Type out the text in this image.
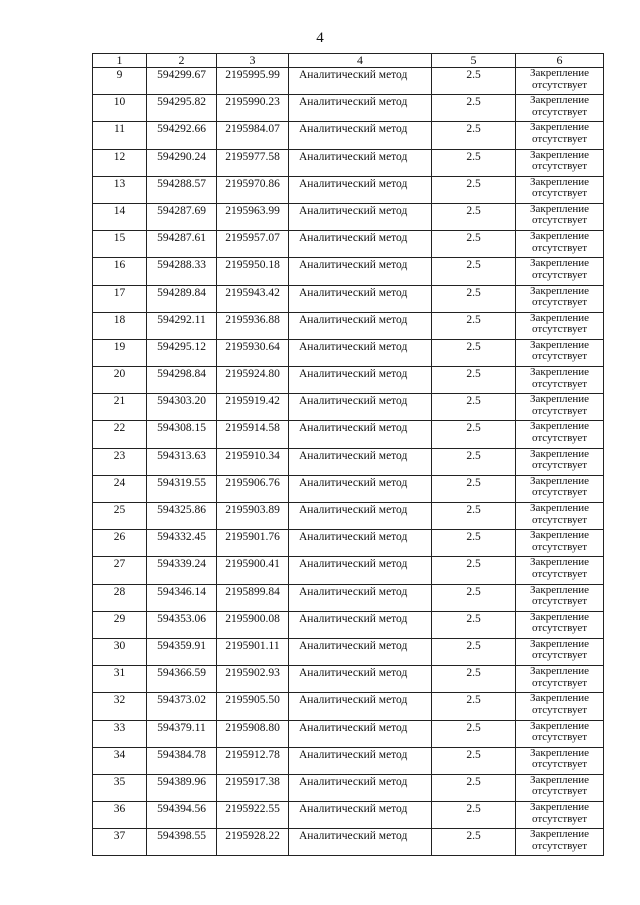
4
1	2	3	4	5	6
9	594299.67	2195995.99	Аналитический метод	2.5	Закрепление
отсутствует

10	594295.82	2195990.23	Аналитический метод	2.5	Закрепление
отсутствует

11	594292.66	2195984.07	Аналитический метод	2.5	Закрепление
отсутствует

12	594290.24	2195977.58	Аналитический метод	2.5	Закрепление
отсутствует

13	594288.57	2195970.86	Аналитический метод	2.5	Закрепление
отсутствует

14	594287.69	2195963.99	Аналитический метод	2.5	Закрепление
отсутствует

15	594287.61	2195957.07	Аналитический метод	2.5	Закрепление
отсутствует

16	594288.33	2195950.18	Аналитический метод	2.5	Закрепление
отсутствует

17	594289.84	2195943.42	Аналитический метод	2.5	Закрепление
отсутствует

18	594292.11	2195936.88	Аналитический метод	2.5	Закрепление
отсутствует

19	594295.12	2195930.64	Аналитический метод	2.5	Закрепление
отсутствует

20	594298.84	2195924.80	Аналитический метод	2.5	Закрепление
отсутствует

21	594303.20	2195919.42	Аналитический метод	2.5	Закрепление
отсутствует

22	594308.15	2195914.58	Аналитический метод	2.5	Закрепление
отсутствует

23	594313.63	2195910.34	Аналитический метод	2.5	Закрепление
отсутствует

24	594319.55	2195906.76	Аналитический метод	2.5	Закрепление
отсутствует

25	594325.86	2195903.89	Аналитический метод	2.5	Закрепление
отсутствует

26	594332.45	2195901.76	Аналитический метод	2.5	Закрепление
отсутствует

27	594339.24	2195900.41	Аналитический метод	2.5	Закрепление
отсутствует

28	594346.14	2195899.84	Аналитический метод	2.5	Закрепление
отсутствует

29	594353.06	2195900.08	Аналитический метод	2.5	Закрепление
отсутствует

30	594359.91	2195901.11	Аналитический метод	2.5	Закрепление
отсутствует

31	594366.59	2195902.93	Аналитический метод	2.5	Закрепление
отсутствует

32	594373.02	2195905.50	Аналитический метод	2.5	Закрепление
отсутствует

33	594379.11	2195908.80	Аналитический метод	2.5	Закрепление
отсутствует

34	594384.78	2195912.78	Аналитический метод	2.5	Закрепление
отсутствует

35	594389.96	2195917.38	Аналитический метод	2.5	Закрепление
отсутствует

36	594394.56	2195922.55	Аналитический метод	2.5	Закрепление
отсутствует

37	594398.55	2195928.22	Аналитический метод	2.5	Закрепление
отсутствует
